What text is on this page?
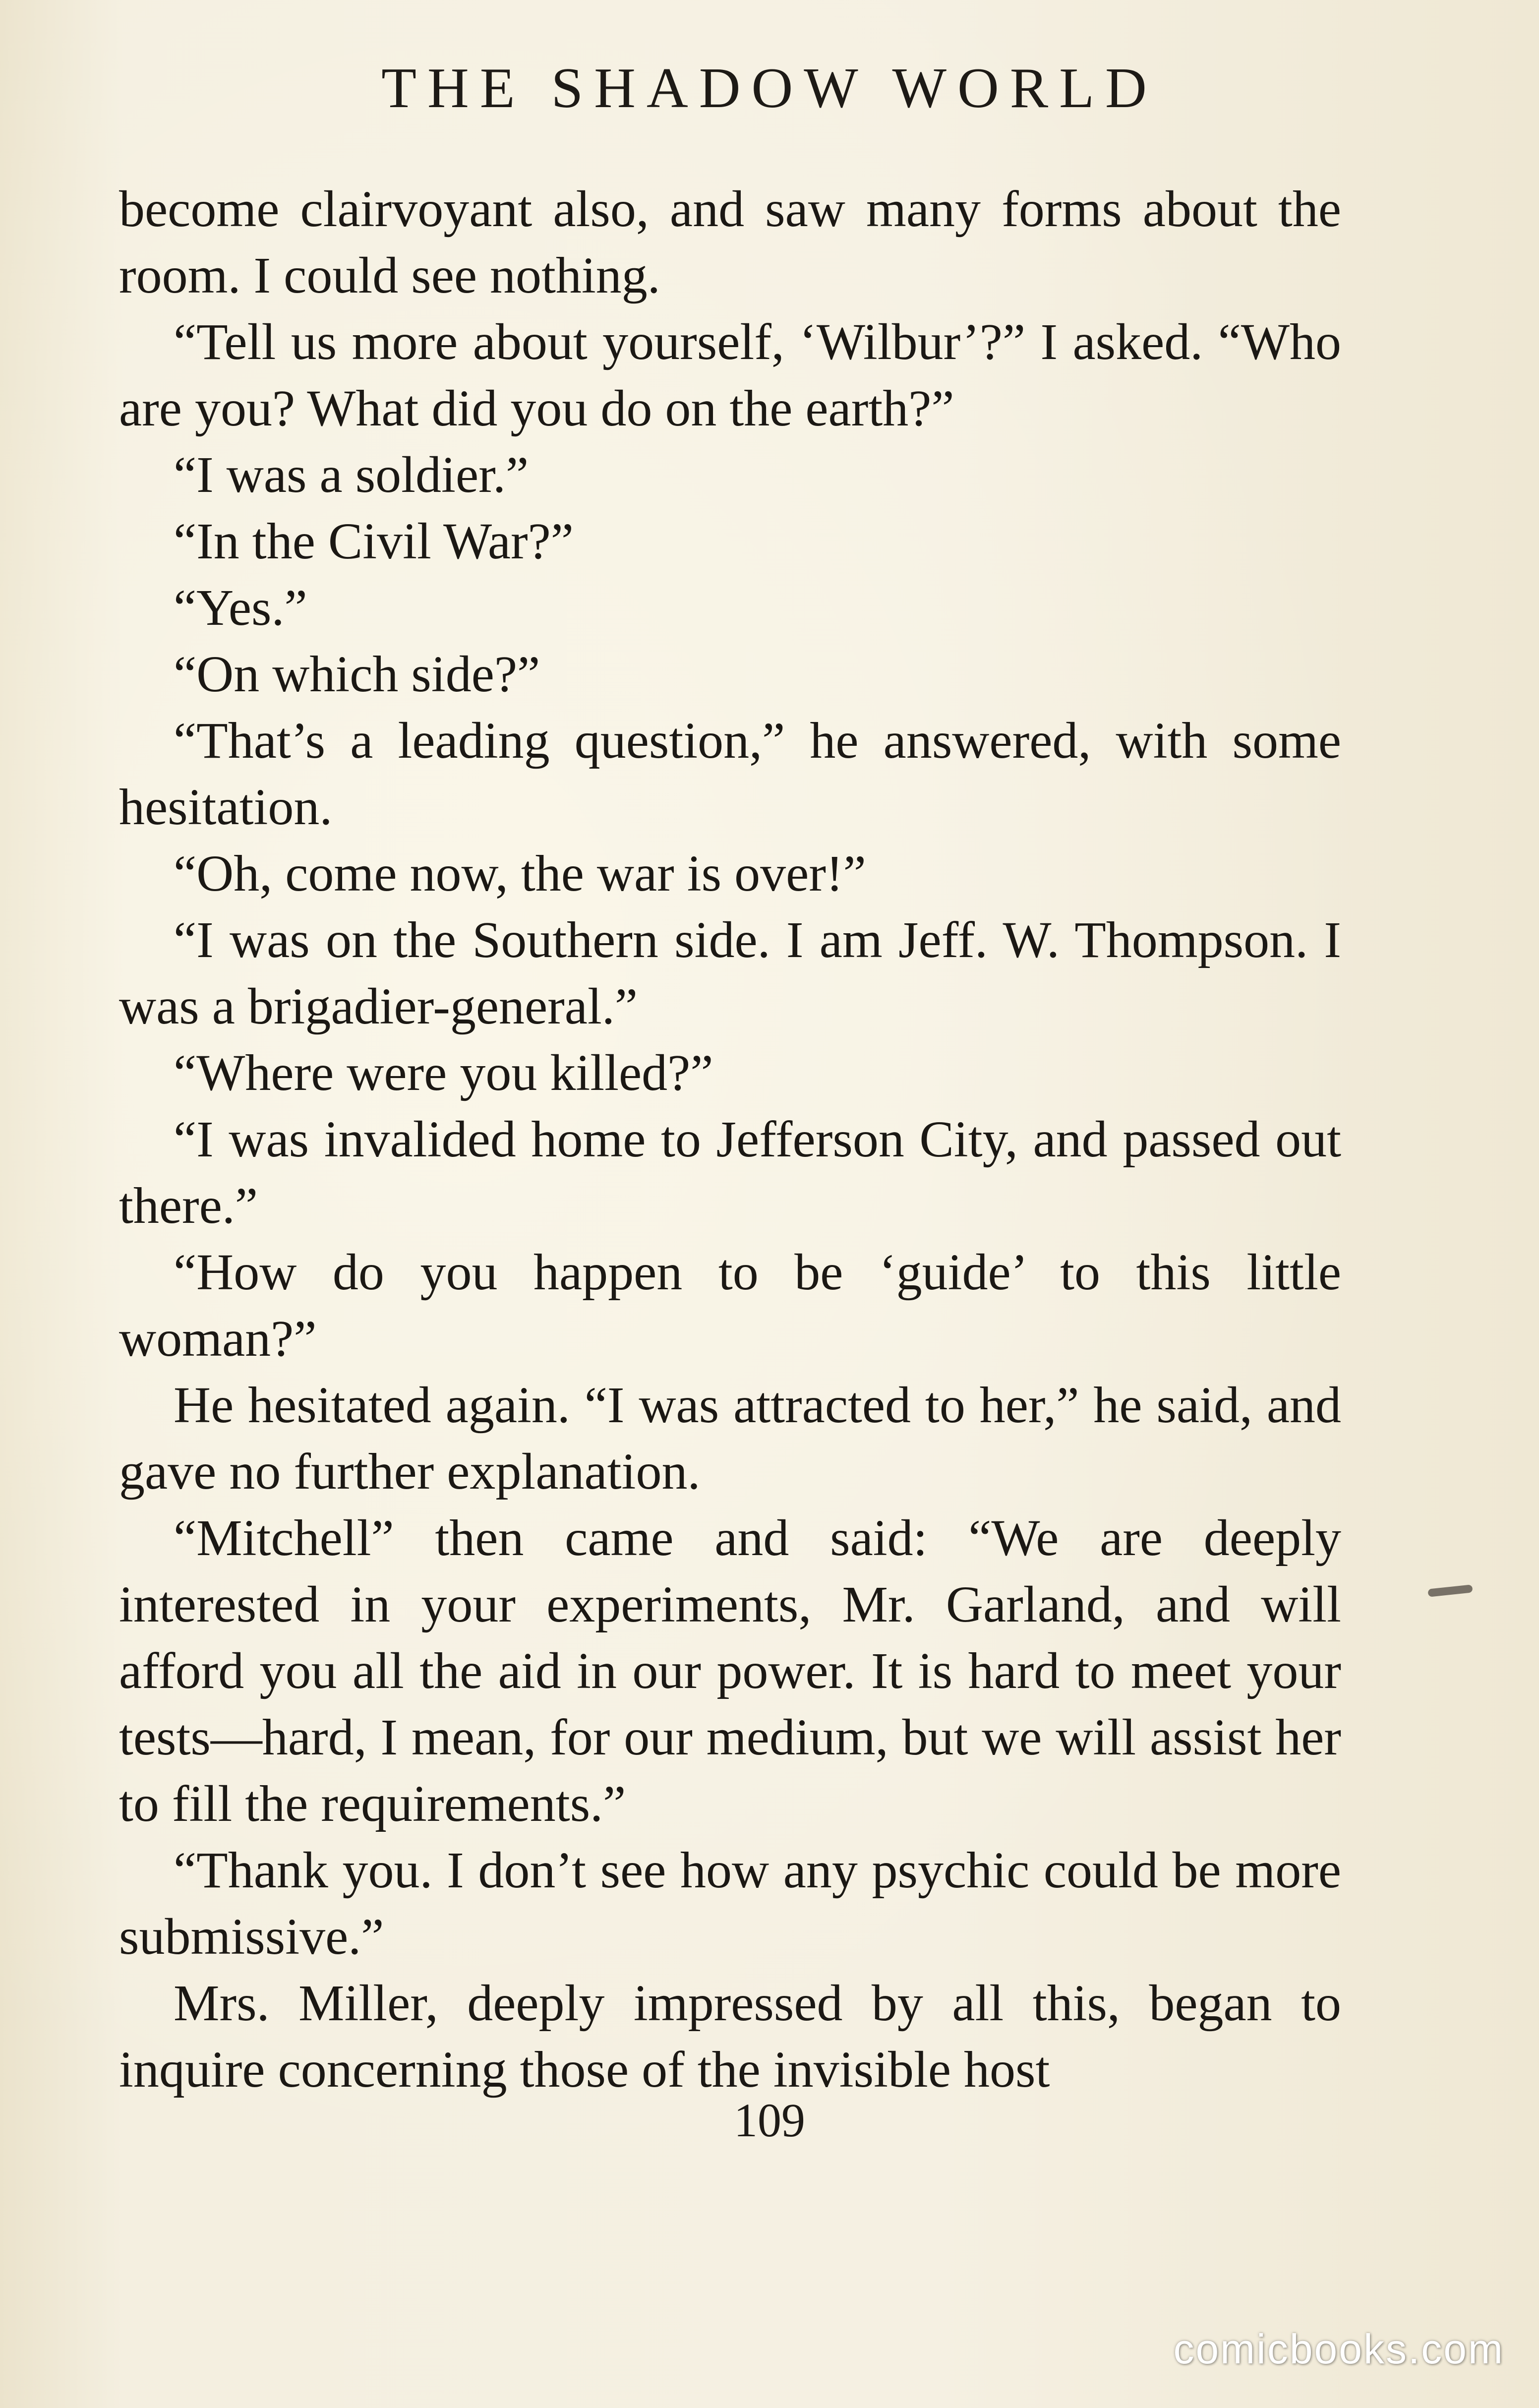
THE SHADOW WORLD

become clairvoyant also, and saw many forms about the room. I could see nothing.

“Tell us more about yourself, ‘Wilbur’?” I asked. “Who are you? What did you do on the earth?”

“I was a soldier.”

“In the Civil War?”

“Yes.”

“On which side?”

“That’s a leading question,” he answered, with some hesitation.

“Oh, come now, the war is over!”

“I was on the Southern side. I am Jeff. W. Thompson. I was a brigadier-general.”

“Where were you killed?”

“I was invalided home to Jefferson City, and passed out there.”

“How do you happen to be ‘guide’ to this little woman?”

He hesitated again. “I was attracted to her,” he said, and gave no further explanation.

“Mitchell” then came and said: “We are deeply interested in your experiments, Mr. Garland, and will afford you all the aid in our power. It is hard to meet your tests—hard, I mean, for our medium, but we will assist her to fill the requirements.”

“Thank you. I don’t see how any psychic could be more submissive.”

Mrs. Miller, deeply impressed by all this, began to inquire concerning those of the invisible host

109
comicbooks.com
